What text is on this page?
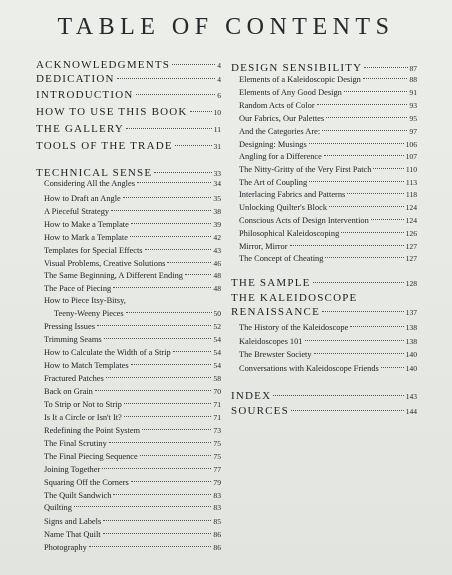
TABLE OF CONTENTS
ACKNOWLEDGMENTS	4
DEDICATION	4
INTRODUCTION	6
HOW TO USE THIS BOOK	10
THE GALLERY	11
TOOLS OF THE TRADE	31
TECHNICAL SENSE	33
Considering All the Angles	34
How to Draft an Angle	35
A Pieceful Strategy	38
How to Make a Template	39
How to Mark a Template	42
Templates for Special Effects	43
Visual Problems, Creative Solutions	46
The Same Beginning, A Different Ending	48
The Pace of Piecing	48
How to Piece Itsy-Bitsy,
Teeny-Weeny Pieces	50
Pressing Issues	52
Trimming Seams	54
How to Calculate the Width of a Strip	54
How to Match Templates	54
Fractured Patches	58
Back on Grain	70
To Strip or Not to Strip	71
Is It a Circle or Isn't It?	71
Redefining the Point System	73
The Final Scrutiny	75
The Final Piecing Sequence	75
Joining Together	77
Squaring Off the Corners	79
The Quilt Sandwich	83
Quilting	83
Signs and Labels	85
Name That Quilt	86
Photography	86
DESIGN SENSIBILITY	87
Elements of a Kaleidoscopic Design	88
Elements of Any Good Design	91
Random Acts of Color	93
Our Fabrics, Our Palettes	95
And the Categories Are:	97
Designing: Musings	106
Angling for a Difference	107
The Nitty-Gritty of the Very First Patch	110
The Art of Coupling	113
Interlacing Fabrics and Patterns	118
Unlocking Quilter's Block	124
Conscious Acts of Design Intervention	124
Philosophical Kaleidoscoping	126
Mirror, Mirror	127
The Concept of Cheating	127
THE SAMPLE	128
THE KALEIDOSCOPE
RENAISSANCE	137
The History of the Kaleidoscope	138
Kaleidoscopes 101	138
The Brewster Society	140
Conversations with Kaleidoscope Friends	140
INDEX	143
SOURCES	144
